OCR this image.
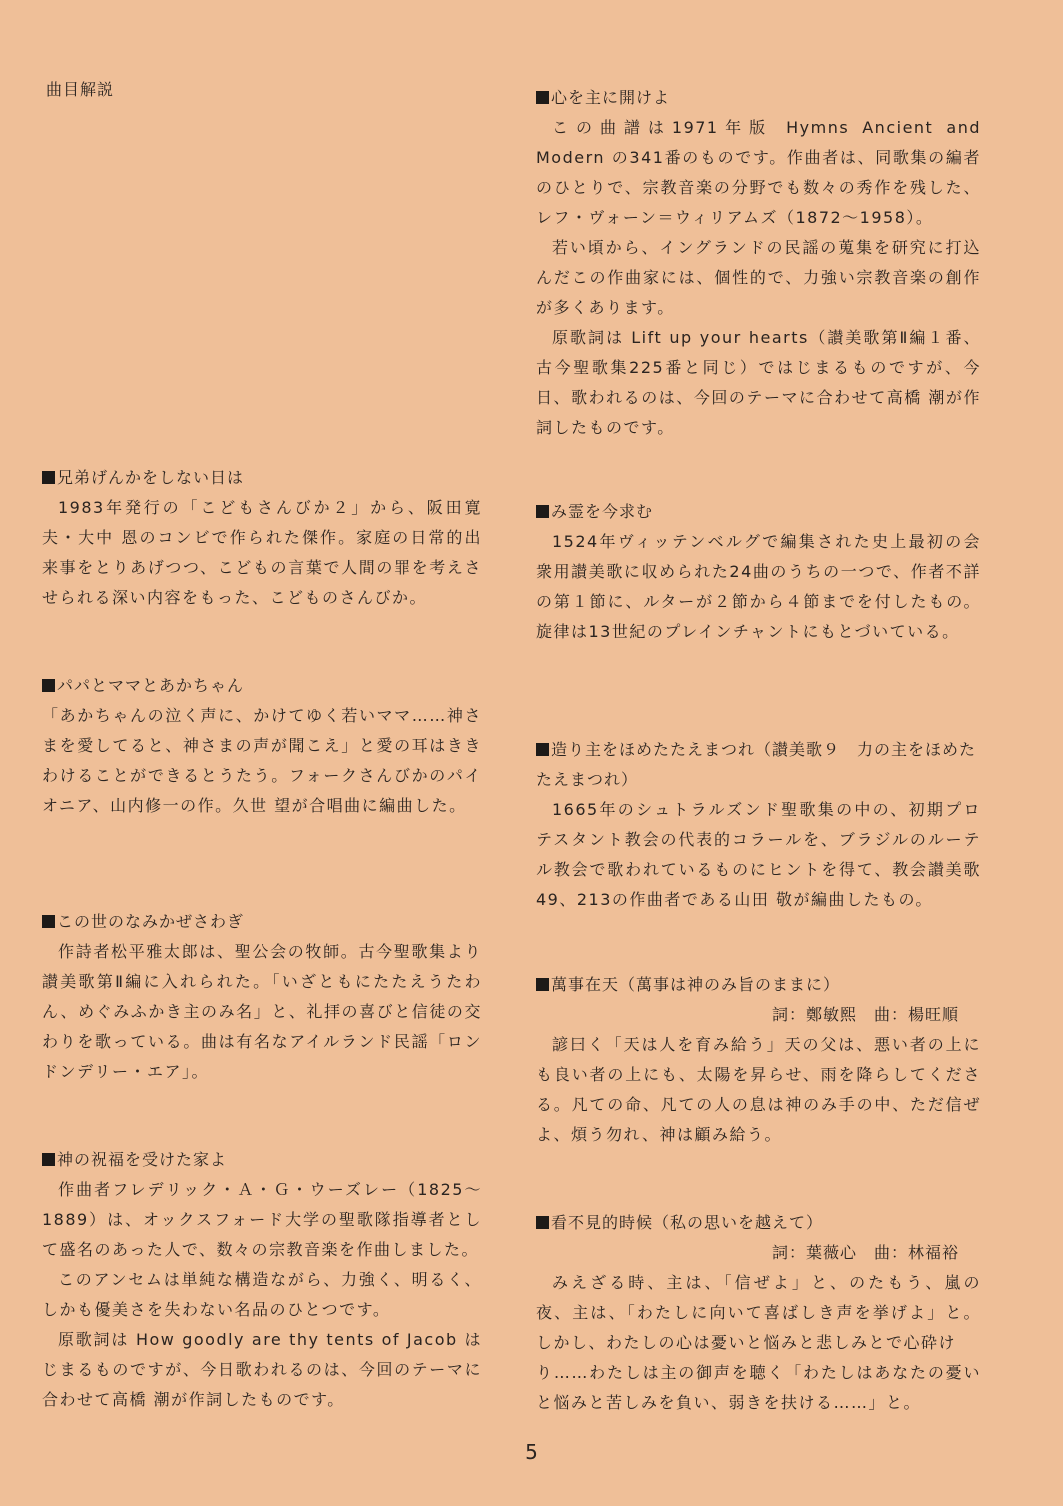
曲目解説
兄弟げんかをしない日は

1983年発行の「こどもさんびか２」から、阪田寛夫・大中 恩のコンビで作られた傑作。家庭の日常的出来事をとりあげつつ、こどもの言葉で人間の罪を考えさせられる深い内容をもった、こどものさんびか。

パパとママとあかちゃん

「あかちゃんの泣く声に、かけてゆく若いママ……神さまを愛してると、神さまの声が聞こえ」と愛の耳はききわけることができるとうたう。フォークさんびかのパイオニア、山内修一の作。久世 望が合唱曲に編曲した。

この世のなみかぜさわぎ

作詩者松平雅太郎は、聖公会の牧師。古今聖歌集より讃美歌第Ⅱ編に入れられた。「いざともにたたえうたわん、めぐみふかき主のみ名」と、礼拝の喜びと信徒の交わりを歌っている。曲は有名なアイルランド民謡「ロンドンデリー・エア」。

神の祝福を受けた家よ

作曲者フレデリック・Ａ・Ｇ・ウーズレー（1825〜1889）は、オックスフォード大学の聖歌隊指導者として盛名のあった人で、数々の宗教音楽を作曲しました。

このアンセムは単純な構造ながら、力強く、明るく、しかも優美さを失わない名品のひとつです。

原歌詞は How goodly are thy tents of Jacob はじまるものですが、今日歌われるのは、今回のテーマに合わせて高橋 潮が作詞したものです。

心を主に開けよ

この曲譜は1971年版 Hymns Ancient and Modern の341番のものです。作曲者は、同歌集の編者のひとりで、宗教音楽の分野でも数々の秀作を残した、レフ・ヴォーン＝ウィリアムズ（1872〜1958）。

若い頃から、イングランドの民謡の蒐集を研究に打込んだこの作曲家には、個性的で、力強い宗教音楽の創作が多くあります。

原歌詞は Lift up your hearts（讃美歌第Ⅱ編１番、古今聖歌集225番と同じ）ではじまるものですが、今日、歌われるのは、今回のテーマに合わせて高橋 潮が作詞したものです。

み霊を今求む

1524年ヴィッテンベルグで編集された史上最初の会衆用讃美歌に収められた24曲のうちの一つで、作者不詳の第１節に、ルターが２節から４節までを付したもの。旋律は13世紀のプレインチャントにもとづいている。

造り主をほめたたえまつれ（讃美歌９　力の主をほめたたえまつれ）

1665年のシュトラルズンド聖歌集の中の、初期プロテスタント教会の代表的コラールを、ブラジルのルーテル教会で歌われているものにヒントを得て、教会讃美歌49、213の作曲者である山田 敬が編曲したもの。

萬事在天（萬事は神のみ旨のままに）
詞：鄭敏熙　曲：楊旺順

諺曰く「天は人を育み給う」天の父は、悪い者の上にも良い者の上にも、太陽を昇らせ、雨を降らしてくださる。凡ての命、凡ての人の息は神のみ手の中、ただ信ぜよ、煩う勿れ、神は顧み給う。

看不見的時候（私の思いを越えて）
詞：葉薇心　曲：林福裕

みえざる時、主は、「信ぜよ」と、のたもう、嵐の夜、主は、「わたしに向いて喜ばしき声を挙げよ」と。しかし、わたしの心は憂いと悩みと悲しみとで心砕け

り……わたしは主の御声を聴く「わたしはあなたの憂いと悩みと苦しみを負い、弱きを扶ける……」と。

5
